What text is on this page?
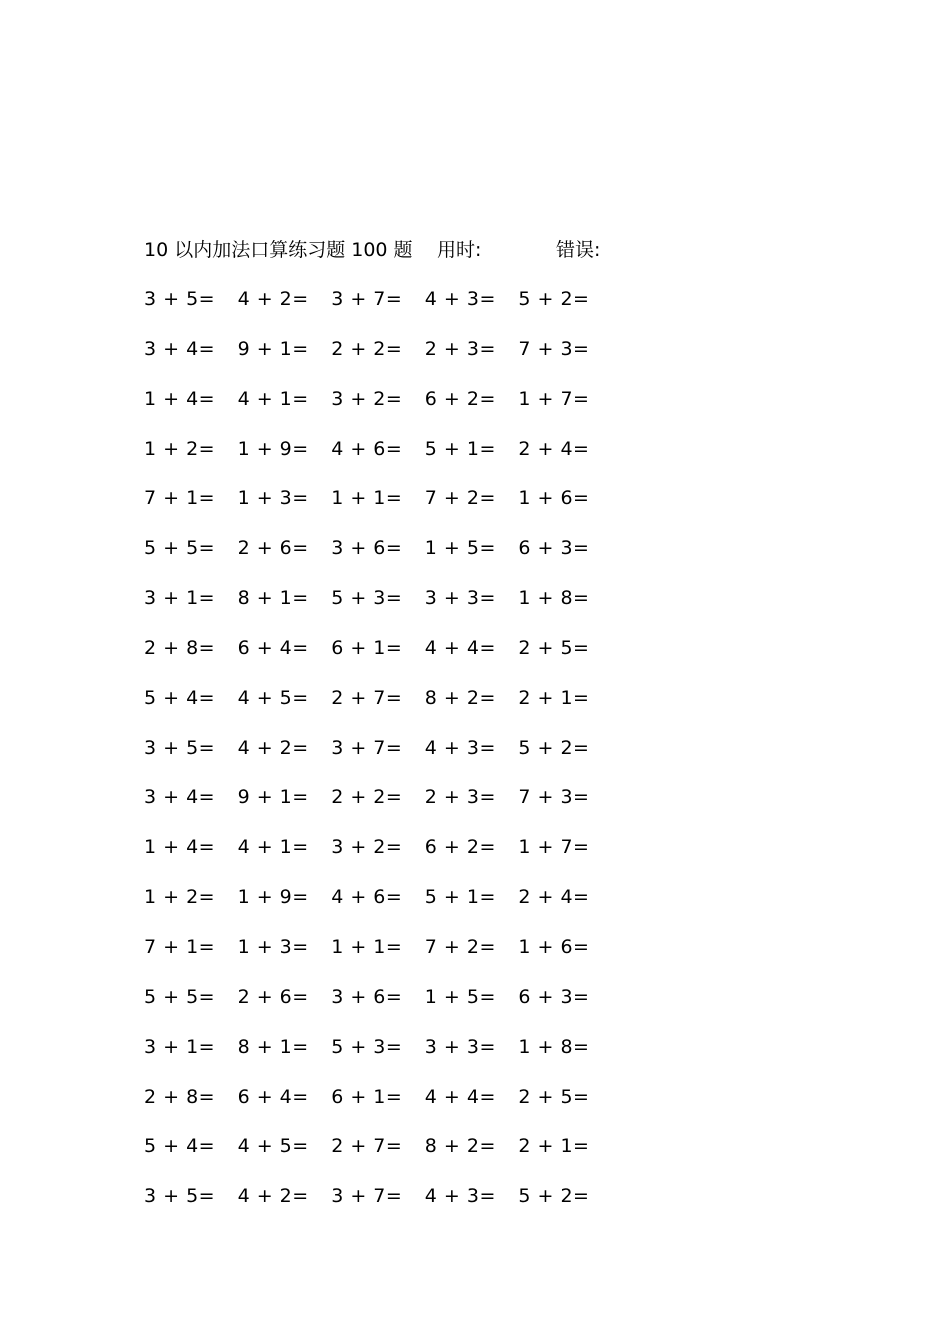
10 以内加法口算练习题 100 题 用时:	错误:
3 + 5=	4 + 2=	3 + 7=	4 + 3=	5 + 2=
3 + 4=	9 + 1=	2 + 2=	2 + 3=	7 + 3=
1 + 4=	4 + 1=	3 + 2=	6 + 2=	1 + 7=
1 + 2=	1 + 9=	4 + 6=	5 + 1=	2 + 4=
7 + 1=	1 + 3=	1 + 1=	7 + 2=	1 + 6=
5 + 5=	2 + 6=	3 + 6=	1 + 5=	6 + 3=
3 + 1=	8 + 1=	5 + 3=	3 + 3=	1 + 8=
2 + 8=	6 + 4=	6 + 1=	4 + 4=	2 + 5=
5 + 4=	4 + 5=	2 + 7=	8 + 2=	2 + 1=
3 + 5=	4 + 2=	3 + 7=	4 + 3=	5 + 2=
3 + 4=	9 + 1=	2 + 2=	2 + 3=	7 + 3=
1 + 4=	4 + 1=	3 + 2=	6 + 2=	1 + 7=
1 + 2=	1 + 9=	4 + 6=	5 + 1=	2 + 4=
7 + 1=	1 + 3=	1 + 1=	7 + 2=	1 + 6=
5 + 5=	2 + 6=	3 + 6=	1 + 5=	6 + 3=
3 + 1=	8 + 1=	5 + 3=	3 + 3=	1 + 8=
2 + 8=	6 + 4=	6 + 1=	4 + 4=	2 + 5=
5 + 4=	4 + 5=	2 + 7=	8 + 2=	2 + 1=
3 + 5=	4 + 2=	3 + 7=	4 + 3=	5 + 2=
